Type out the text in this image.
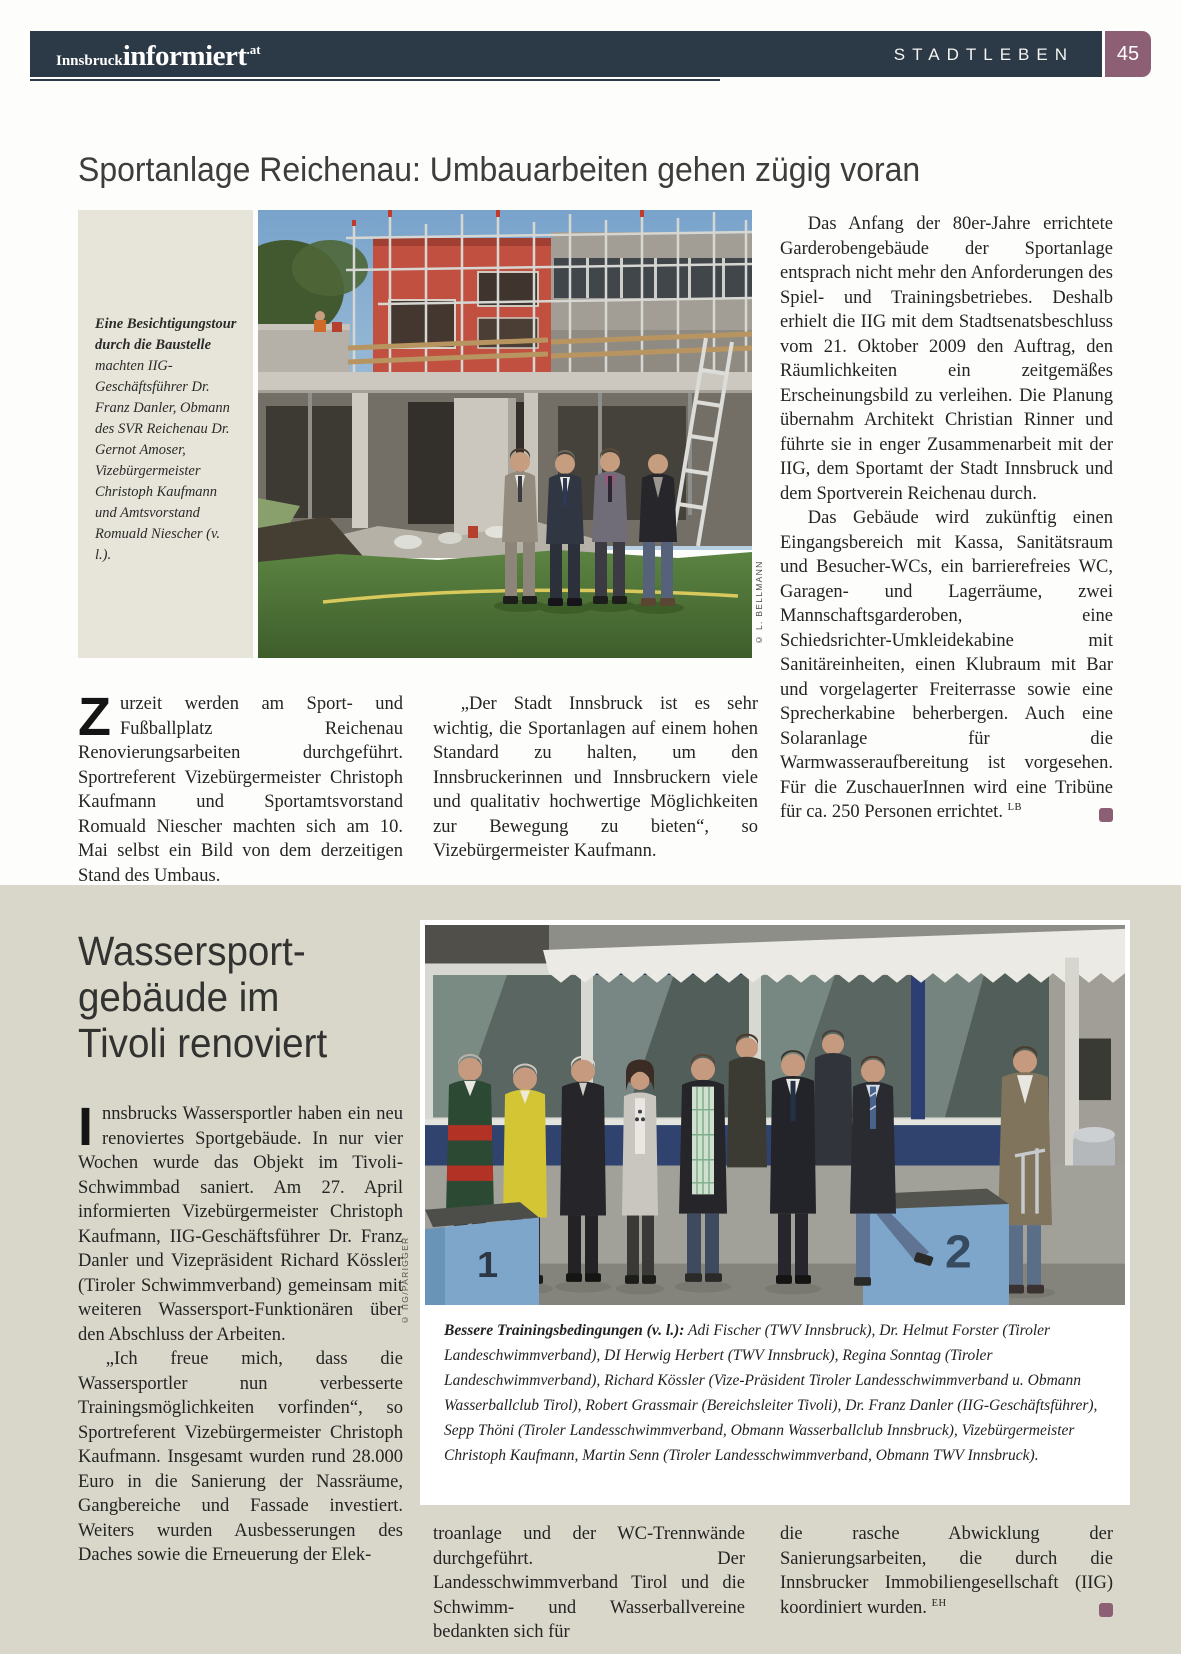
Innsbruckinformiert$^{.at}$	STADTLEBEN	45
Sportanlage Reichenau: Umbauarbeiten gehen zügig voran
Eine Besichtigungstour durch die Baustelle machten IIG-Geschäftsführer Dr. Franz Danler, Obmann des SVR Reichenau Dr. Gernot Amoser, Vizebürgermeister Christoph Kaufmann und Amtsvorstand Romuald Niescher (v. l.).
© L. BELLMANN

Zurzeit werden am Sport- und Fußballplatz Reichenau Renovierungsarbeiten durchgeführt. Sportreferent Vizebürgermeister Christoph Kaufmann und Sportamtsvorstand Romuald Niescher machten sich am 10. Mai selbst ein Bild von dem derzeitigen Stand des Umbaus.

„Der Stadt Innsbruck ist es sehr wichtig, die Sportanlagen auf einem hohen Standard zu halten, um den Innsbruckerinnen und Innsbruckern viele und qualitativ hochwertige Möglichkeiten zur Bewegung zu bieten“, so Vizebürgermeister Kaufmann.

Das Anfang der 80er-Jahre errichtete Garderobengebäude der Sportanlage entsprach nicht mehr den Anforderungen des Spiel- und Trainingsbetriebes. Deshalb erhielt die IIG mit dem Stadtsenatsbeschluss vom 21. Oktober 2009 den Auftrag, den Räumlichkeiten ein zeitgemäßes Erscheinungsbild zu verleihen. Die Planung übernahm Architekt Christian Rinner und führte sie in enger Zusammenarbeit mit der IIG, dem Sportamt der Stadt Innsbruck und dem Sportverein Reichenau durch.

Das Gebäude wird zukünftig einen Eingangsbereich mit Kassa, Sanitätsraum und Besucher-WCs, ein barrierefreies WC, Garagen- und Lagerräume, zwei Mannschaftsgarderoben, eine Schiedsrichter-Umkleidekabine mit Sanitäreinheiten, einen Klubraum mit Bar und vorgelagerter Freiterrasse sowie eine Sprecherkabine beherbergen. Auch eine Solaranlage für die Warmwasseraufbereitung ist vorgesehen. Für die ZuschauerInnen wird eine Tribüne für ca. 250 Personen errichtet. $^{LB}$

Wassersport-
gebäude im
Tivoli renoviert

Innsbrucks Wassersportler haben ein neu renoviertes Sportgebäude. In nur vier Wochen wurde das Objekt im Tivoli-Schwimmbad saniert. Am 27. April informierten Vizebürgermeister Christoph Kaufmann, IIG-Geschäftsführer Dr. Franz Danler und Vizepräsident Richard Kössler (Tiroler Schwimmverband) gemeinsam mit weiteren Wassersport-Funktionären über den Abschluss der Arbeiten.

„Ich freue mich, dass die Wassersportler nun verbesserte Trainingsmöglichkeiten vorfinden“, so Sportreferent Vizebürgermeister Christoph Kaufmann. Insgesamt wurden rund 28.000 Euro in die Sanierung der Nassräume, Gangbereiche und Fassade investiert. Weiters wurden Ausbesserungen des Daches sowie die Erneuerung der Elek-

1	2
Bessere Trainingsbedingungen (v. l.): Adi Fischer (TWV Innsbruck), Dr. Helmut Forster (Tiroler Landeschwimmverband), DI Herwig Herbert (TWV Innsbruck), Regina Sonntag (Tiroler Landeschwimmverband), Richard Kössler (Vize-Präsident Tiroler Landesschwimmverband u. Obmann Wasserballclub Tirol), Robert Grassmair (Bereichsleiter Tivoli), Dr. Franz Danler (IIG-Geschäftsführer), Sepp Thöni (Tiroler Landesschwimmverband, Obmann Wasserballclub Innsbruck), Vizebürgermeister Christoph Kaufmann, Martin Senn (Tiroler Landesschwimmverband, Obmann TWV Innsbruck).
© IIG/PARIGGER

troanlage und der WC-Trennwände durchgeführt. Der Landesschwimmverband Tirol und die Schwimm- und Wasserballvereine bedankten sich für

die rasche Abwicklung der Sanierungsarbeiten, die durch die Innsbrucker Immobiliengesellschaft (IIG) koordiniert wurden. $^{EH}$
